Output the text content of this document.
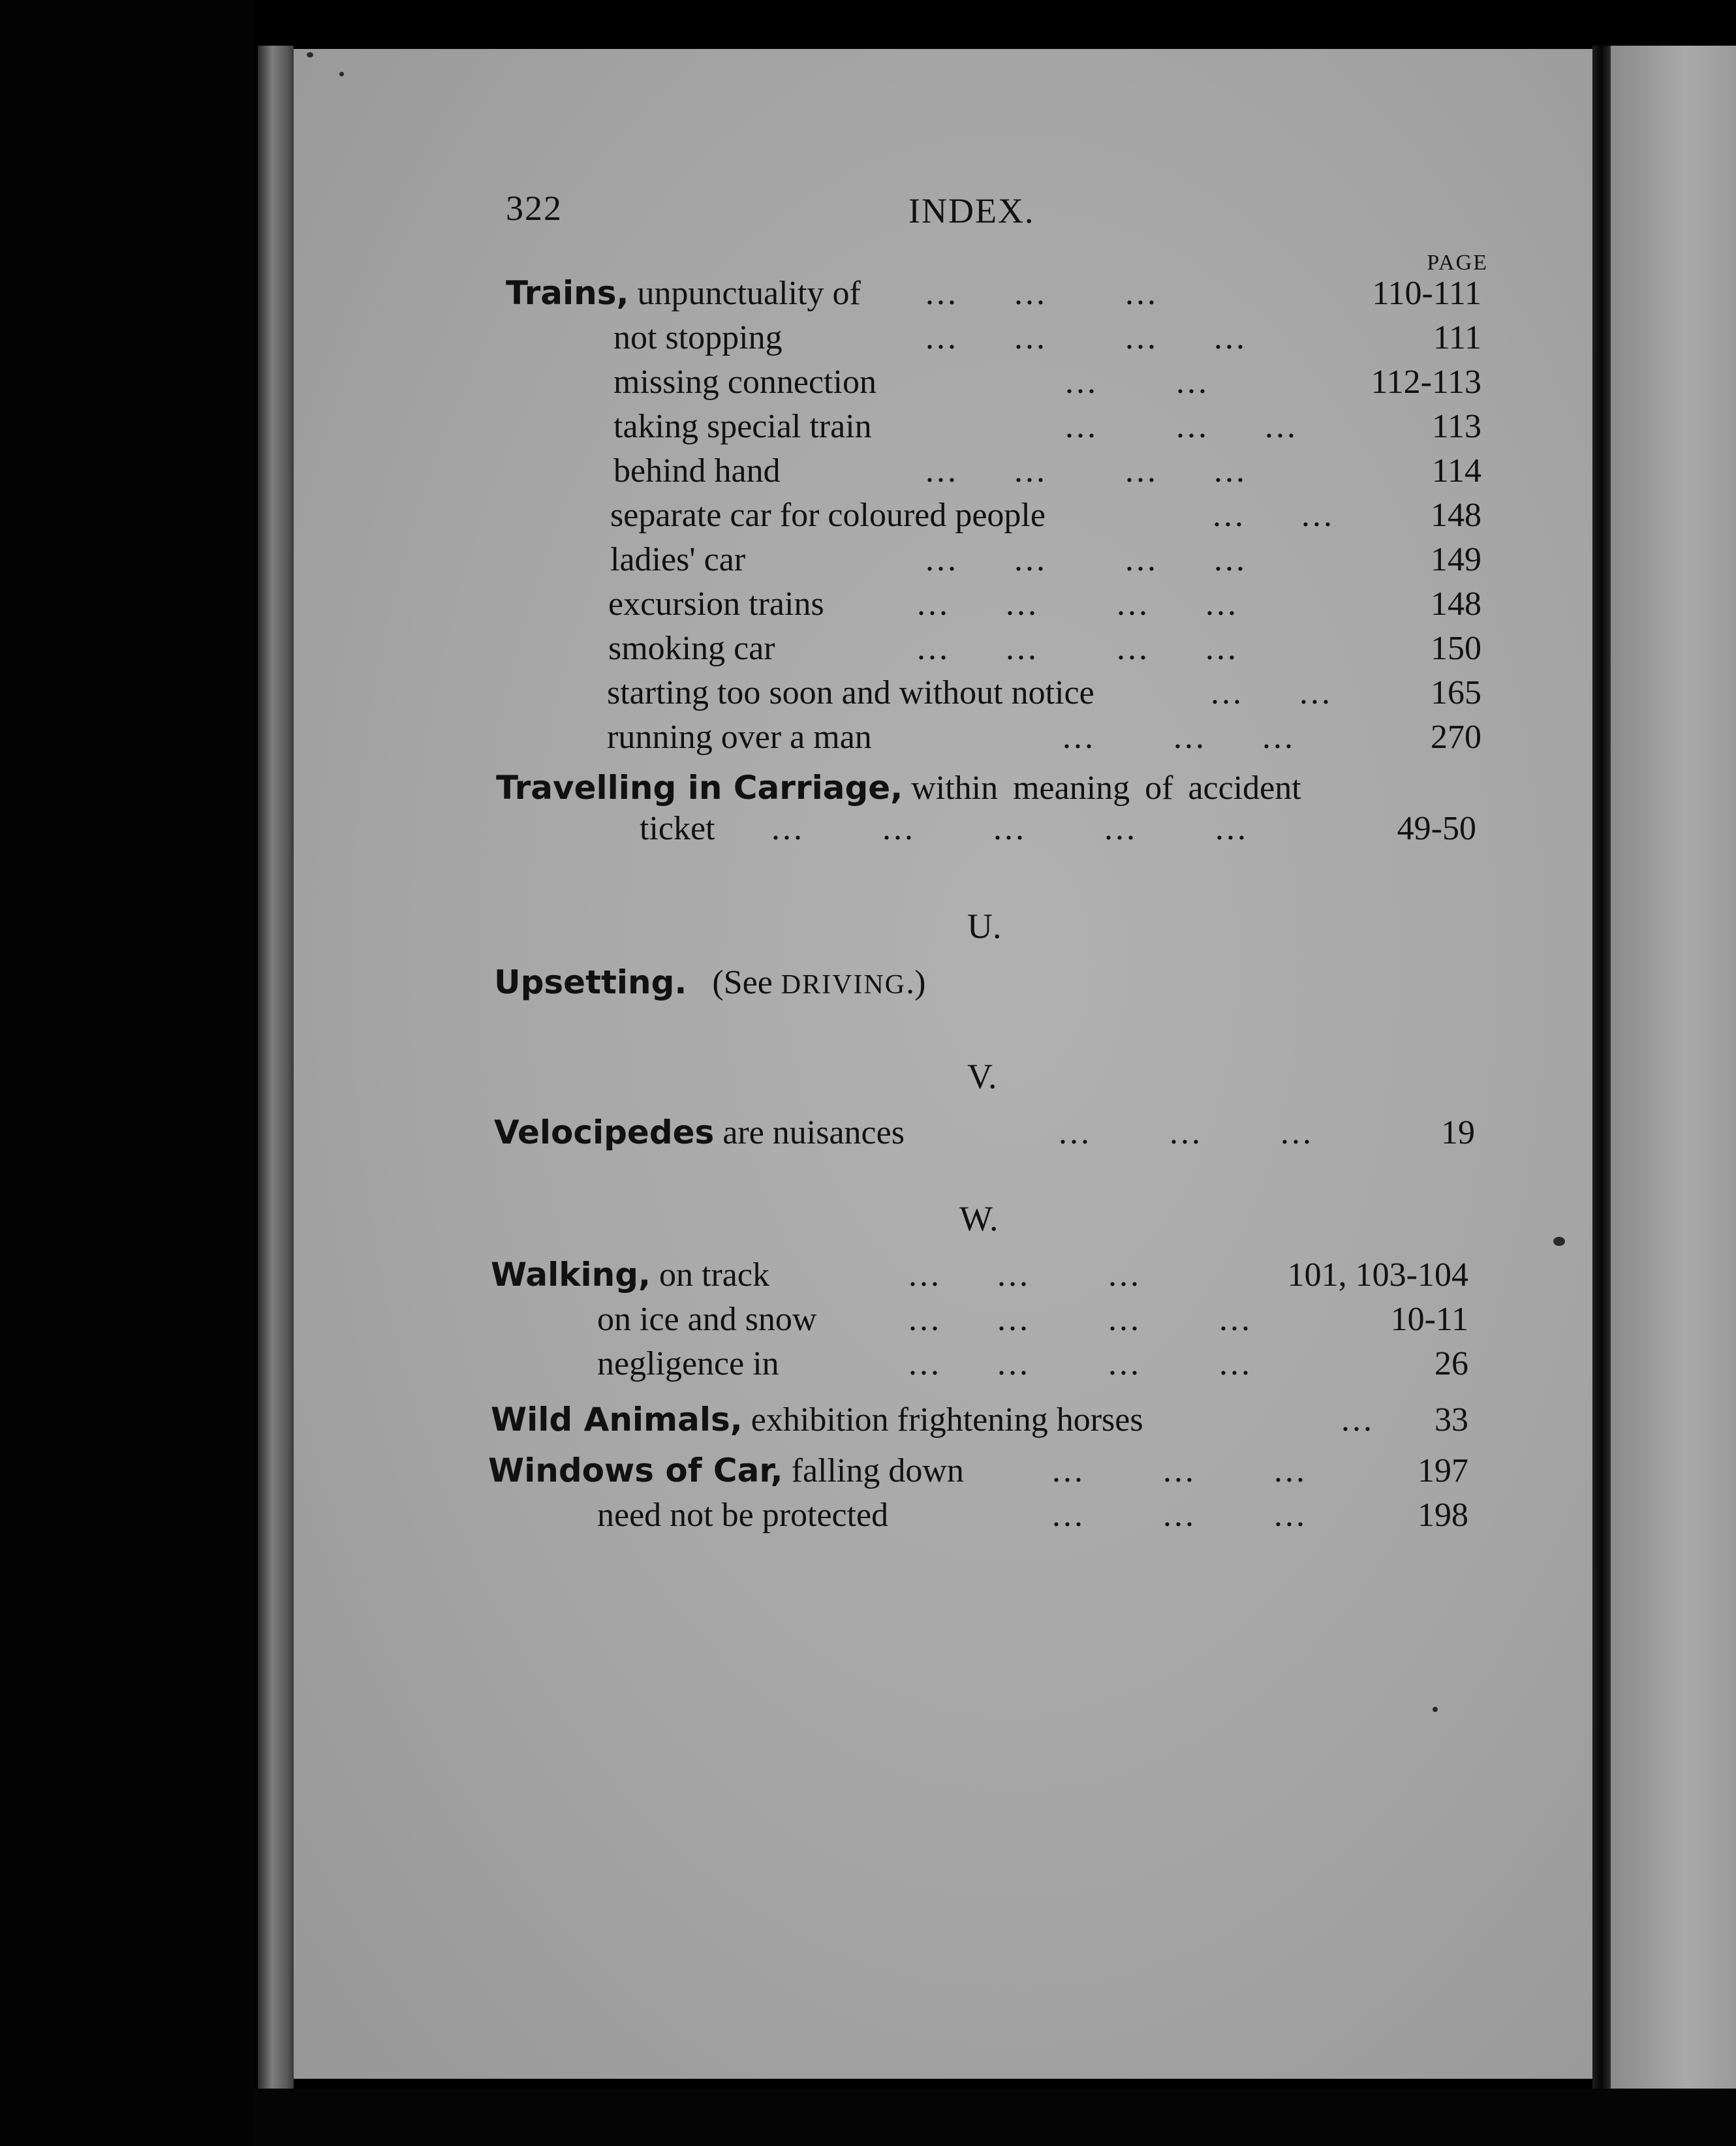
322	INDEX.
PAGE
Trains, unpunctuality of ...     ...       ...	110-111
not stopping	...     ...       ...     ...	111
missing connection	...       ...	112-113
taking special train	...       ...     ...	113
behind hand	...     ...       ...     ...	114
separate car for coloured people	...     ...	148
ladies' car	...     ...       ...     ...	149
excursion trains	...     ...       ...     ...	148
smoking car	...     ...       ...     ...	150
starting too soon and without notice	...     ...	165
running over a man	...       ...     ...	270
Travelling in Carriage, within meaning of accident
ticket ...       ...       ...       ...       ...	49-50
U.
Upsetting. (See DRIVING.)
V.
Velocipedes are nuisances	...       ...       ...	19
W.
Walking, on track	...     ...       ...	101, 103-104
on ice and snow	...     ...       ...       ...	10-11
negligence in	...     ...       ...       ...	26
Wild Animals, exhibition frightening horses	...	33
Windows of Car, falling down	...       ...       ...	197
need not be protected	...       ...       ...	198
